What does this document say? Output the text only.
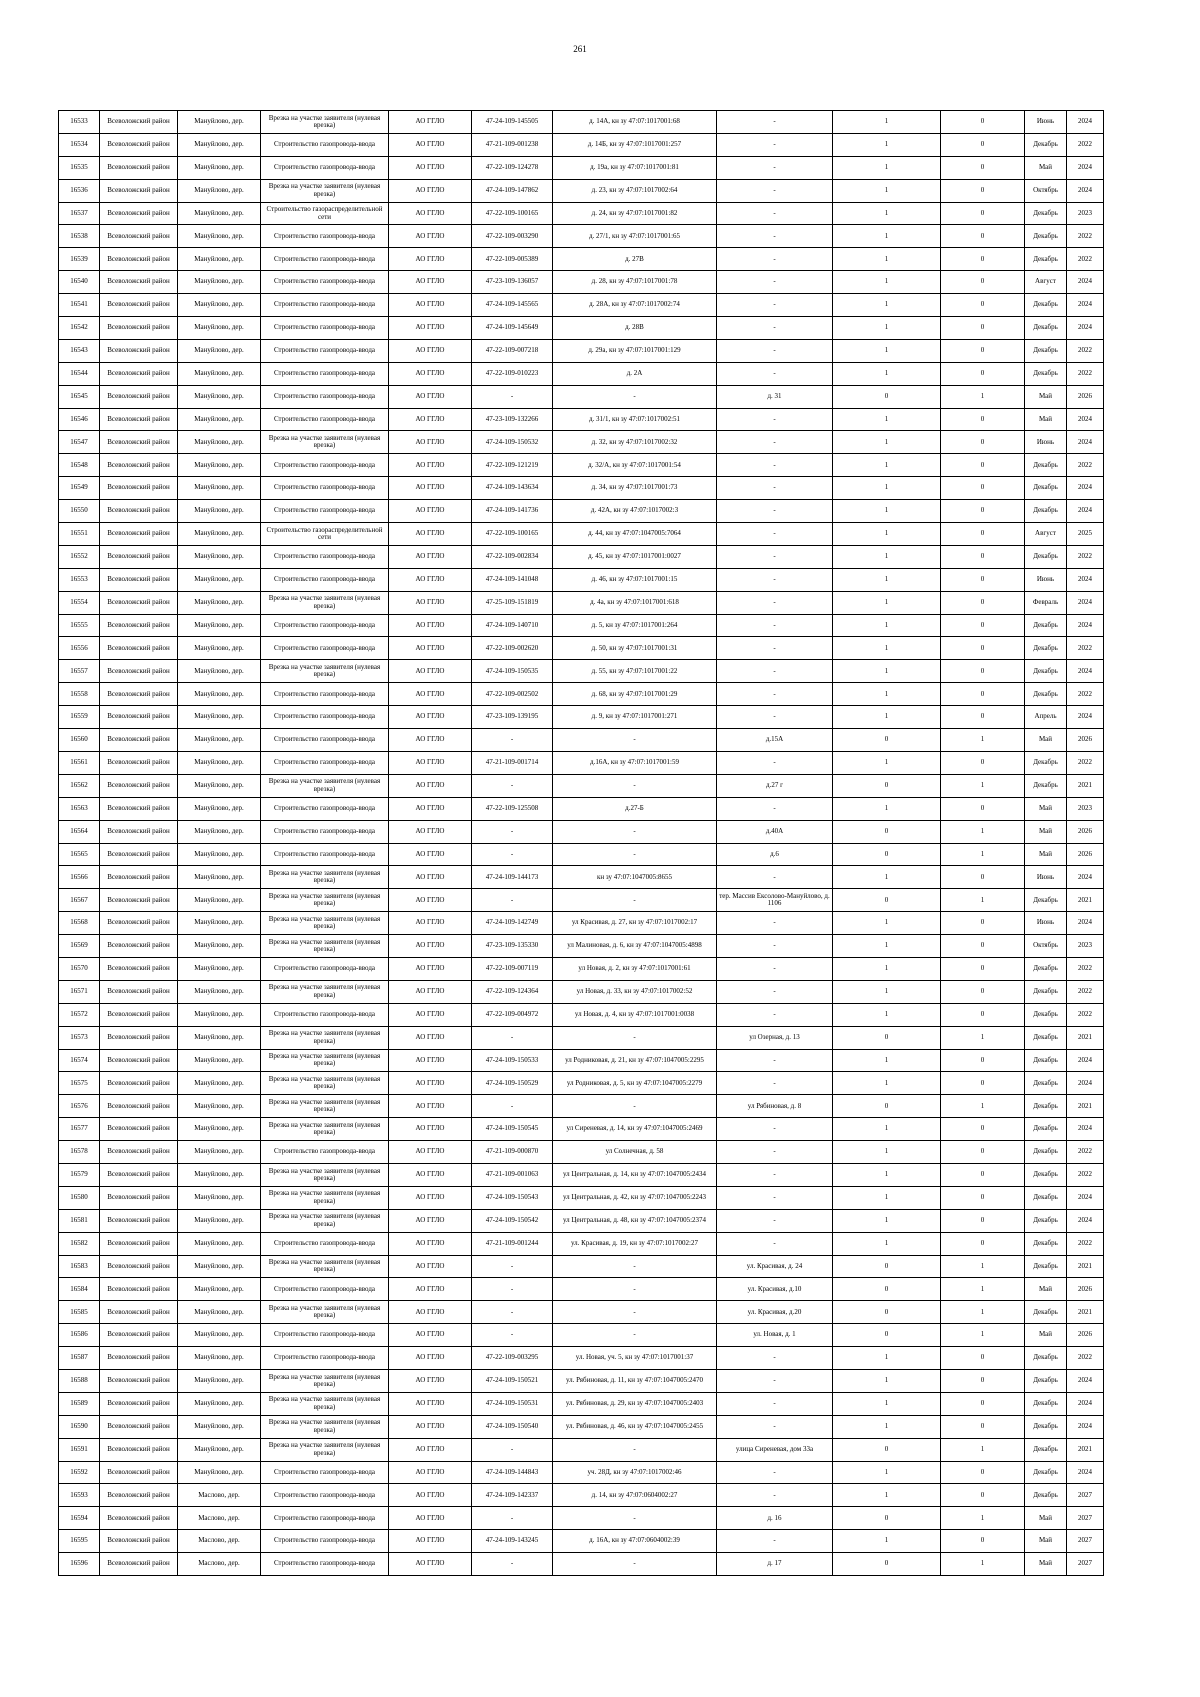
261
16533	Всеволожский район	Мануйлово, дер.	Врезка на участке заявителя (нулевая врезка)	АО ГГЛО	47-24-109-145505	д. 14А, кн зу 47:07:1017001:68	-	1	0	Июнь	2024
16534	Всеволожский район	Мануйлово, дер.	Строительство газопровода-ввода	АО ГГЛО	47-21-109-001238	д. 14Б, кн зу 47:07:1017001:257	-	1	0	Декабрь	2022
16535	Всеволожский район	Мануйлово, дер.	Строительство газопровода-ввода	АО ГГЛО	47-22-109-124278	д. 19а, кн зу 47:07:1017001:81	-	1	0	Май	2024
16536	Всеволожский район	Мануйлово, дер.	Врезка на участке заявителя (нулевая врезка)	АО ГГЛО	47-24-109-147862	д. 23, кн зу 47:07:1017002:64	-	1	0	Октябрь	2024
16537	Всеволожский район	Мануйлово, дер.	Строительство газораспределительной сети	АО ГГЛО	47-22-109-100165	д. 24, кн зу 47:07:1017001:82	-	1	0	Декабрь	2023
16538	Всеволожский район	Мануйлово, дер.	Строительство газопровода-ввода	АО ГГЛО	47-22-109-003290	д. 27/1, кн зу 47:07:1017001:65	-	1	0	Декабрь	2022
16539	Всеволожский район	Мануйлово, дер.	Строительство газопровода-ввода	АО ГГЛО	47-22-109-005389	д. 27В	-	1	0	Декабрь	2022
16540	Всеволожский район	Мануйлово, дер.	Строительство газопровода-ввода	АО ГГЛО	47-23-109-136057	д. 28, кн зу 47:07:1017001:78	-	1	0	Август	2024
16541	Всеволожский район	Мануйлово, дер.	Строительство газопровода-ввода	АО ГГЛО	47-24-109-145565	д. 28А, кн зу 47:07:1017002:74	-	1	0	Декабрь	2024
16542	Всеволожский район	Мануйлово, дер.	Строительство газопровода-ввода	АО ГГЛО	47-24-109-145649	д. 28В	-	1	0	Декабрь	2024
16543	Всеволожский район	Мануйлово, дер.	Строительство газопровода-ввода	АО ГГЛО	47-22-109-007218	д. 29а, кн зу 47:07:1017001:129	-	1	0	Декабрь	2022
16544	Всеволожский район	Мануйлово, дер.	Строительство газопровода-ввода	АО ГГЛО	47-22-109-010223	д. 2А	-	1	0	Декабрь	2022
16545	Всеволожский район	Мануйлово, дер.	Строительство газопровода-ввода	АО ГГЛО	-	-	д. 31	0	1	Май	2026
16546	Всеволожский район	Мануйлово, дер.	Строительство газопровода-ввода	АО ГГЛО	47-23-109-132266	д. 31/1, кн зу 47:07:1017002:51	-	1	0	Май	2024
16547	Всеволожский район	Мануйлово, дер.	Врезка на участке заявителя (нулевая врезка)	АО ГГЛО	47-24-109-150532	д. 32, кн зу 47:07:1017002:32	-	1	0	Июнь	2024
16548	Всеволожский район	Мануйлово, дер.	Строительство газопровода-ввода	АО ГГЛО	47-22-109-121219	д. 32/А, кн зу 47:07:1017001:54	-	1	0	Декабрь	2022
16549	Всеволожский район	Мануйлово, дер.	Строительство газопровода-ввода	АО ГГЛО	47-24-109-143634	д. 34, кн зу 47:07:1017001:73	-	1	0	Декабрь	2024
16550	Всеволожский район	Мануйлово, дер.	Строительство газопровода-ввода	АО ГГЛО	47-24-109-141736	д. 42А, кн зу 47:07:1017002:3	-	1	0	Декабрь	2024
16551	Всеволожский район	Мануйлово, дер.	Строительство газораспределительной сети	АО ГГЛО	47-22-109-100165	д. 44, кн зу 47:07:1047005:7064	-	1	0	Август	2025
16552	Всеволожский район	Мануйлово, дер.	Строительство газопровода-ввода	АО ГГЛО	47-22-109-002834	д. 45, кн зу 47:07:1017001:0027	-	1	0	Декабрь	2022
16553	Всеволожский район	Мануйлово, дер.	Строительство газопровода-ввода	АО ГГЛО	47-24-109-141048	д. 46, кн зу 47:07:1017001:15	-	1	0	Июнь	2024
16554	Всеволожский район	Мануйлово, дер.	Врезка на участке заявителя (нулевая врезка)	АО ГГЛО	47-25-109-151819	д. 4а, кн зу 47:07:1017001:618	-	1	0	Февраль	2024
16555	Всеволожский район	Мануйлово, дер.	Строительство газопровода-ввода	АО ГГЛО	47-24-109-140710	д. 5, кн зу 47:07:1017001:264	-	1	0	Декабрь	2024
16556	Всеволожский район	Мануйлово, дер.	Строительство газопровода-ввода	АО ГГЛО	47-22-109-002620	д. 50, кн зу 47:07:1017001:31	-	1	0	Декабрь	2022
16557	Всеволожский район	Мануйлово, дер.	Врезка на участке заявителя (нулевая врезка)	АО ГГЛО	47-24-109-150535	д. 55, кн зу 47:07:1017001:22	-	1	0	Декабрь	2024
16558	Всеволожский район	Мануйлово, дер.	Строительство газопровода-ввода	АО ГГЛО	47-22-109-002502	д. 68, кн зу 47:07:1017001:29	-	1	0	Декабрь	2022
16559	Всеволожский район	Мануйлово, дер.	Строительство газопровода-ввода	АО ГГЛО	47-23-109-139195	д. 9, кн зу 47:07:1017001:271	-	1	0	Апрель	2024
16560	Всеволожский район	Мануйлово, дер.	Строительство газопровода-ввода	АО ГГЛО	-	-	д.15А	0	1	Май	2026
16561	Всеволожский район	Мануйлово, дер.	Строительство газопровода-ввода	АО ГГЛО	47-21-109-001714	д.16А, кн зу 47:07:1017001:59	-	1	0	Декабрь	2022
16562	Всеволожский район	Мануйлово, дер.	Врезка на участке заявителя (нулевая врезка)	АО ГГЛО	-	-	д.27 г	0	1	Декабрь	2021
16563	Всеволожский район	Мануйлово, дер.	Строительство газопровода-ввода	АО ГГЛО	47-22-109-125508	д.27-Б	-	1	0	Май	2023
16564	Всеволожский район	Мануйлово, дер.	Строительство газопровода-ввода	АО ГГЛО	-	-	д.40А	0	1	Май	2026
16565	Всеволожский район	Мануйлово, дер.	Строительство газопровода-ввода	АО ГГЛО	-	-	д.6	0	1	Май	2026
16566	Всеволожский район	Мануйлово, дер.	Врезка на участке заявителя (нулевая врезка)	АО ГГЛО	47-24-109-144173	кн зу 47:07:1047005:8655	-	1	0	Июнь	2024
16567	Всеволожский район	Мануйлово, дер.	Врезка на участке заявителя (нулевая врезка)	АО ГГЛО	-	-	тер. Массив Ексолово-Мануйлово, д. 1106	0	1	Декабрь	2021
16568	Всеволожский район	Мануйлово, дер.	Врезка на участке заявителя (нулевая врезка)	АО ГГЛО	47-24-109-142749	ул Красивая, д. 27, кн зу 47:07:1017002:17	-	1	0	Июнь	2024
16569	Всеволожский район	Мануйлово, дер.	Врезка на участке заявителя (нулевая врезка)	АО ГГЛО	47-23-109-135330	ул Малиновая, д. 6, кн зу 47:07:1047005:4898	-	1	0	Октябрь	2023
16570	Всеволожский район	Мануйлово, дер.	Строительство газопровода-ввода	АО ГГЛО	47-22-109-007119	ул Новая, д. 2, кн зу 47:07:1017001:61	-	1	0	Декабрь	2022
16571	Всеволожский район	Мануйлово, дер.	Врезка на участке заявителя (нулевая врезка)	АО ГГЛО	47-22-109-124364	ул Новая, д. 33, кн зу 47:07:1017002:52	-	1	0	Декабрь	2022
16572	Всеволожский район	Мануйлово, дер.	Строительство газопровода-ввода	АО ГГЛО	47-22-109-004972	ул Новая, д. 4, кн зу 47:07:1017001:0038	-	1	0	Декабрь	2022
16573	Всеволожский район	Мануйлово, дер.	Врезка на участке заявителя (нулевая врезка)	АО ГГЛО	-	-	ул Озерная, д. 13	0	1	Декабрь	2021
16574	Всеволожский район	Мануйлово, дер.	Врезка на участке заявителя (нулевая врезка)	АО ГГЛО	47-24-109-150533	ул Родниковая, д. 21, кн зу 47:07:1047005:2295	-	1	0	Декабрь	2024
16575	Всеволожский район	Мануйлово, дер.	Врезка на участке заявителя (нулевая врезка)	АО ГГЛО	47-24-109-150529	ул Родниковая, д. 5, кн зу 47:07:1047005:2279	-	1	0	Декабрь	2024
16576	Всеволожский район	Мануйлово, дер.	Врезка на участке заявителя (нулевая врезка)	АО ГГЛО	-	-	ул Рябиновая, д. 8	0	1	Декабрь	2021
16577	Всеволожский район	Мануйлово, дер.	Врезка на участке заявителя (нулевая врезка)	АО ГГЛО	47-24-109-150545	ул Сиреневая, д. 14, кн зу 47:07:1047005:2469	-	1	0	Декабрь	2024
16578	Всеволожский район	Мануйлово, дер.	Строительство газопровода-ввода	АО ГГЛО	47-21-109-000870	ул Солнечная, д. 58	-	1	0	Декабрь	2022
16579	Всеволожский район	Мануйлово, дер.	Врезка на участке заявителя (нулевая врезка)	АО ГГЛО	47-21-109-001063	ул Центральная, д. 14, кн зу 47:07:1047005:2434	-	1	0	Декабрь	2022
16580	Всеволожский район	Мануйлово, дер.	Врезка на участке заявителя (нулевая врезка)	АО ГГЛО	47-24-109-150543	ул Центральная, д. 42, кн зу 47:07:1047005:2243	-	1	0	Декабрь	2024
16581	Всеволожский район	Мануйлово, дер.	Врезка на участке заявителя (нулевая врезка)	АО ГГЛО	47-24-109-150542	ул Центральная, д. 48, кн зу 47:07:1047005:2374	-	1	0	Декабрь	2024
16582	Всеволожский район	Мануйлово, дер.	Строительство газопровода-ввода	АО ГГЛО	47-21-109-001244	ул. Красивая, д. 19, кн зу 47:07:1017002:27	-	1	0	Декабрь	2022
16583	Всеволожский район	Мануйлово, дер.	Врезка на участке заявителя (нулевая врезка)	АО ГГЛО	-	-	ул. Красивая, д. 24	0	1	Декабрь	2021
16584	Всеволожский район	Мануйлово, дер.	Строительство газопровода-ввода	АО ГГЛО	-	-	ул. Красивая, д.10	0	1	Май	2026
16585	Всеволожский район	Мануйлово, дер.	Врезка на участке заявителя (нулевая врезка)	АО ГГЛО	-	-	ул. Красивая, д.20	0	1	Декабрь	2021
16586	Всеволожский район	Мануйлово, дер.	Строительство газопровода-ввода	АО ГГЛО	-	-	ул. Новая, д. 1	0	1	Май	2026
16587	Всеволожский район	Мануйлово, дер.	Строительство газопровода-ввода	АО ГГЛО	47-22-109-003295	ул. Новая, уч. 5, кн зу 47:07:1017001:37	-	1	0	Декабрь	2022
16588	Всеволожский район	Мануйлово, дер.	Врезка на участке заявителя (нулевая врезка)	АО ГГЛО	47-24-109-150521	ул. Рябиновая, д. 11, кн зу 47:07:1047005:2470	-	1	0	Декабрь	2024
16589	Всеволожский район	Мануйлово, дер.	Врезка на участке заявителя (нулевая врезка)	АО ГГЛО	47-24-109-150531	ул. Рябиновая, д. 29, кн зу 47:07:1047005:2403	-	1	0	Декабрь	2024
16590	Всеволожский район	Мануйлово, дер.	Врезка на участке заявителя (нулевая врезка)	АО ГГЛО	47-24-109-150540	ул. Рябиновая, д. 46, кн зу 47:07:1047005:2455	-	1	0	Декабрь	2024
16591	Всеволожский район	Мануйлово, дер.	Врезка на участке заявителя (нулевая врезка)	АО ГГЛО	-	-	улица Сиреневая, дом 33а	0	1	Декабрь	2021
16592	Всеволожский район	Мануйлово, дер.	Строительство газопровода-ввода	АО ГГЛО	47-24-109-144843	уч. 28Д, кн зу 47:07:1017002:46	-	1	0	Декабрь	2024
16593	Всеволожский район	Маслово, дер.	Строительство газопровода-ввода	АО ГГЛО	47-24-109-142337	д. 14, кн зу 47:07:0604002:27	-	1	0	Декабрь	2027
16594	Всеволожский район	Маслово, дер.	Строительство газопровода-ввода	АО ГГЛО	-	-	д. 16	0	1	Май	2027
16595	Всеволожский район	Маслово, дер.	Строительство газопровода-ввода	АО ГГЛО	47-24-109-143245	д. 16А, кн зу 47:07:0604002:39	-	1	0	Май	2027
16596	Всеволожский район	Маслово, дер.	Строительство газопровода-ввода	АО ГГЛО	-	-	д. 17	0	1	Май	2027
